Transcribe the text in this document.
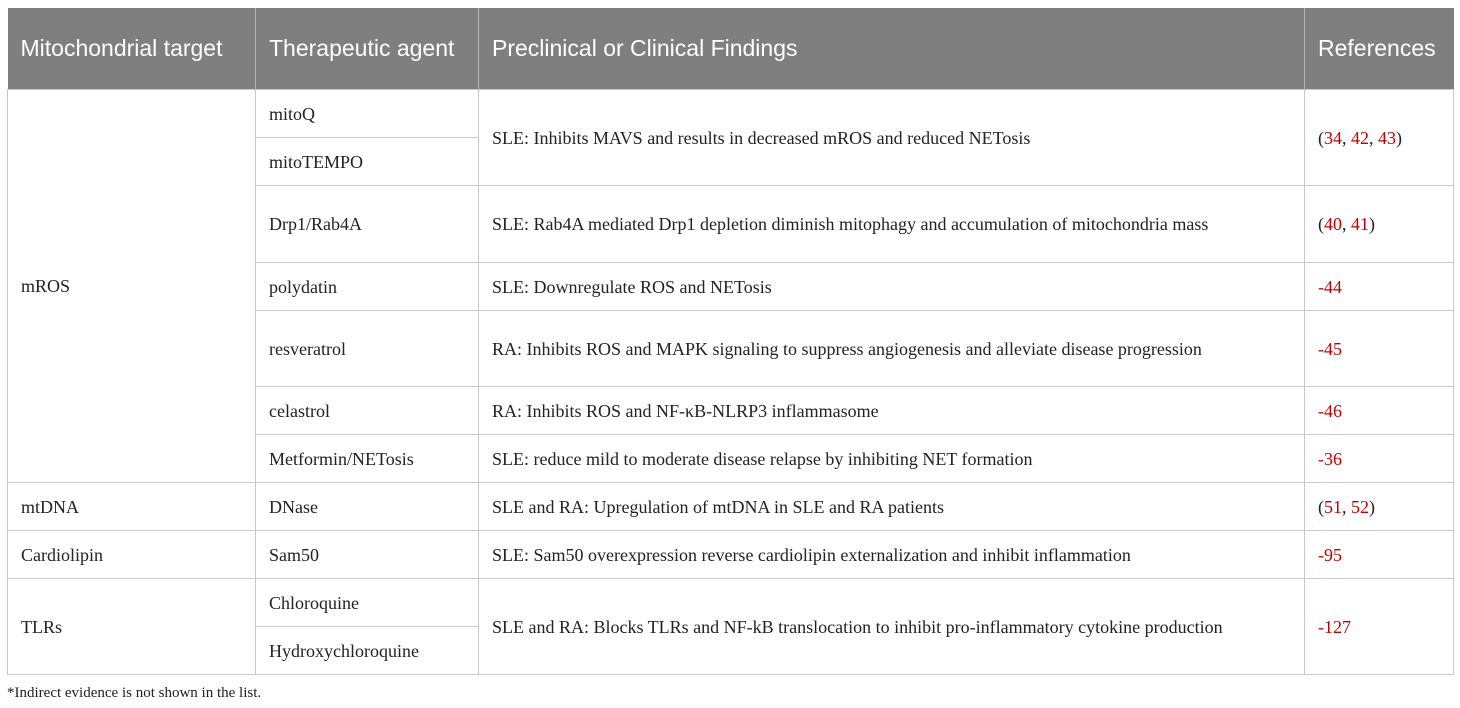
Mitochondrial target	Therapeutic agent	Preclinical or Clinical Findings	References
mROS	mitoQ	SLE: Inhibits MAVS and results in decreased mROS and reduced NETosis	(34, 42, 43)
	mitoTEMPO		
	Drp1/Rab4A	SLE: Rab4A mediated Drp1 depletion diminish mitophagy and accumulation of mitochondria mass	(40, 41)
	polydatin	SLE: Downregulate ROS and NETosis	-44
	resveratrol	RA: Inhibits ROS and MAPK signaling to suppress angiogenesis and alleviate disease progression	-45
	celastrol	RA: Inhibits ROS and NF-κB-NLRP3 inflammasome	-46
	Metformin/NETosis	SLE: reduce mild to moderate disease relapse by inhibiting NET formation	-36
mtDNA	DNase	SLE and RA: Upregulation of mtDNA in SLE and RA patients	(51, 52)
Cardiolipin	Sam50	SLE: Sam50 overexpression reverse cardiolipin externalization and inhibit inflammation	-95
TLRs	Chloroquine	SLE and RA: Blocks TLRs and NF-kB translocation to inhibit pro-inflammatory cytokine production	-127
	Hydroxychloroquine		
*Indirect evidence is not shown in the list.
